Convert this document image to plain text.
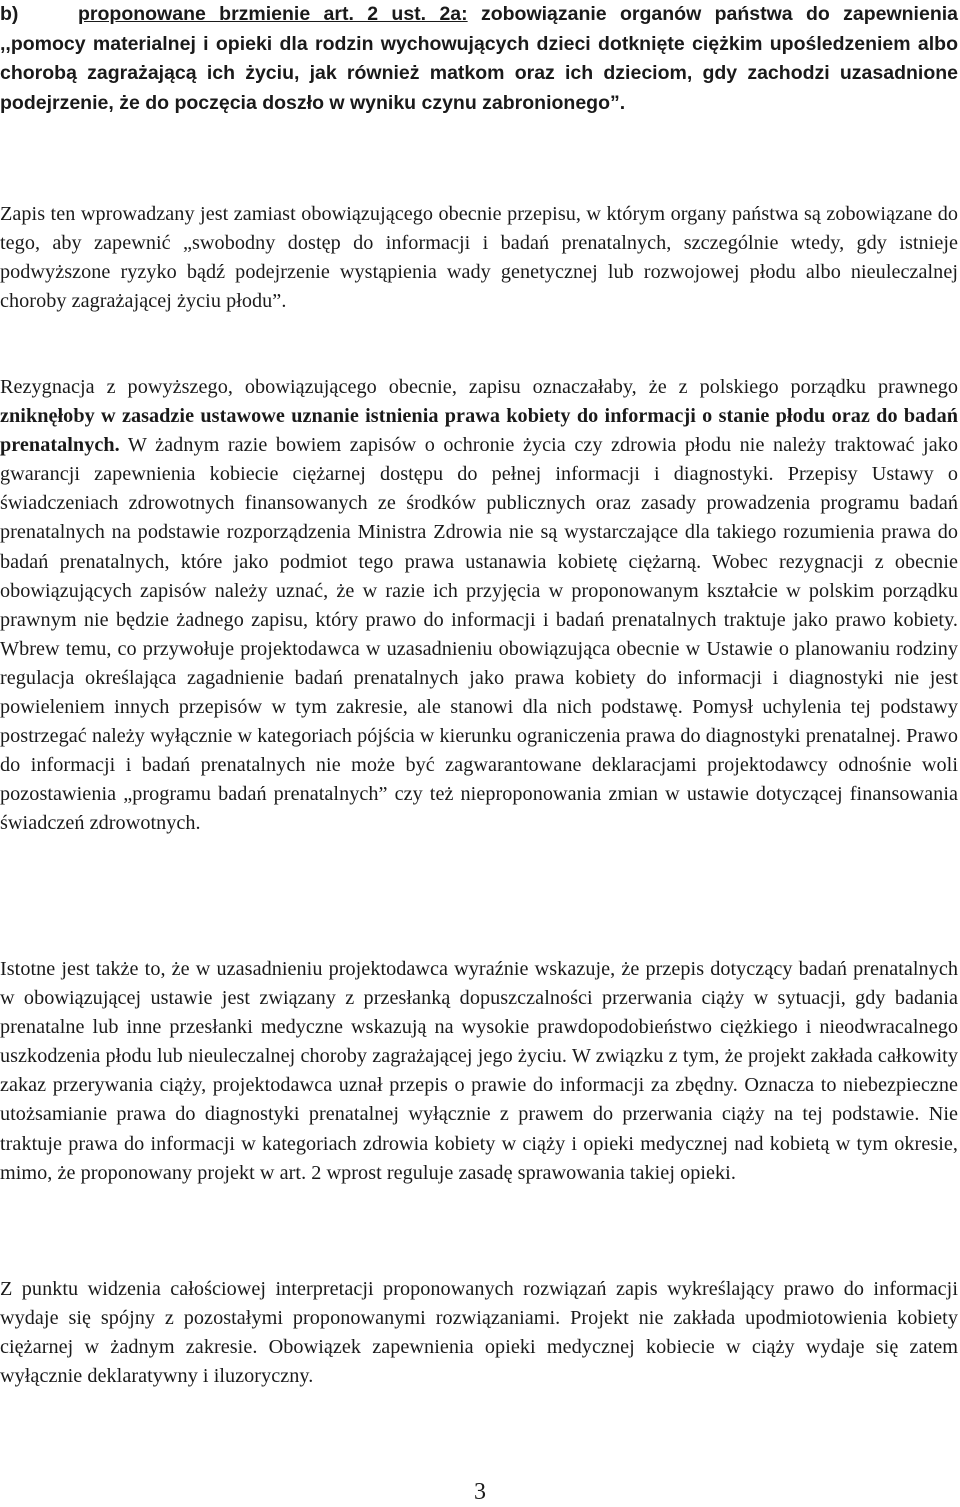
b)	proponowane brzmienie art. 2 ust. 2a: zobowiązanie organów państwa do zapewnienia ,,pomocy materialnej i opieki dla rodzin wychowujących dzieci dotknięte ciężkim upośledzeniem albo chorobą zagrażającą ich życiu, jak również matkom oraz ich dzieciom, gdy zachodzi uzasadnione podejrzenie, że do poczęcia doszło w wyniku czynu zabronionego”.

Zapis ten wprowadzany jest zamiast obowiązującego obecnie przepisu, w którym organy państwa są zobowiązane do tego, aby zapewnić „swobodny dostęp do informacji i badań prenatalnych, szczególnie wtedy, gdy istnieje podwyższone ryzyko bądź podejrzenie wystąpienia wady genetycznej lub rozwojowej płodu albo nieuleczalnej choroby zagrażającej życiu płodu”.

Rezygnacja z powyższego, obowiązującego obecnie, zapisu oznaczałaby, że z polskiego porządku prawnego zniknęłoby w zasadzie ustawowe uznanie istnienia prawa kobiety do informacji o stanie płodu oraz do badań prenatalnych. W żadnym razie bowiem zapisów o ochronie życia czy zdrowia płodu nie należy traktować jako gwarancji zapewnienia kobiecie ciężarnej dostępu do pełnej informacji i diagnostyki. Przepisy Ustawy o świadczeniach zdrowotnych finansowanych ze środków publicznych oraz zasady prowadzenia programu badań prenatalnych na podstawie rozporządzenia Ministra Zdrowia nie są wystarczające dla takiego rozumienia prawa do badań prenatalnych, które jako podmiot tego prawa ustanawia kobietę ciężarną. Wobec rezygnacji z obecnie obowiązujących zapisów należy uznać, że w razie ich przyjęcia w proponowanym kształcie w polskim porządku prawnym nie będzie żadnego zapisu, który prawo do informacji i badań prenatalnych traktuje jako prawo kobiety. Wbrew temu, co przywołuje projektodawca w uzasadnieniu obowiązująca obecnie w Ustawie o planowaniu rodziny regulacja określająca zagadnienie badań prenatalnych jako prawa kobiety do informacji i diagnostyki nie jest powieleniem innych przepisów w tym zakresie, ale stanowi dla nich podstawę. Pomysł uchylenia tej podstawy postrzegać należy wyłącznie w kategoriach pójścia w kierunku ograniczenia prawa do diagnostyki prenatalnej. Prawo do informacji i badań prenatalnych nie może być zagwarantowane deklaracjami projektodawcy odnośnie woli pozostawienia „programu badań prenatalnych” czy też nieproponowania zmian w ustawie dotyczącej finansowania świadczeń zdrowotnych.

Istotne jest także to, że w uzasadnieniu projektodawca wyraźnie wskazuje, że przepis dotyczący badań prenatalnych w obowiązującej ustawie jest związany z przesłanką dopuszczalności przerwania ciąży w sytuacji, gdy badania prenatalne lub inne przesłanki medyczne wskazują na wysokie prawdopodobieństwo ciężkiego i nieodwracalnego uszkodzenia płodu lub nieuleczalnej choroby zagrażającej jego życiu. W związku z tym, że projekt zakłada całkowity zakaz przerywania ciąży, projektodawca uznał przepis o prawie do informacji za zbędny. Oznacza to niebezpieczne utożsamianie prawa do diagnostyki prenatalnej wyłącznie z prawem do przerwania ciąży na tej podstawie. Nie traktuje prawa do informacji w kategoriach zdrowia kobiety w ciąży i opieki medycznej nad kobietą w tym okresie, mimo, że proponowany projekt w art. 2 wprost reguluje zasadę sprawowania takiej opieki.

Z punktu widzenia całościowej interpretacji proponowanych rozwiązań zapis wykreślający prawo do informacji wydaje się spójny z pozostałymi proponowanymi rozwiązaniami. Projekt nie zakłada upodmiotowienia kobiety ciężarnej w żadnym zakresie. Obowiązek zapewnienia opieki medycznej kobiecie w ciąży wydaje się zatem wyłącznie deklaratywny i iluzoryczny.

3
